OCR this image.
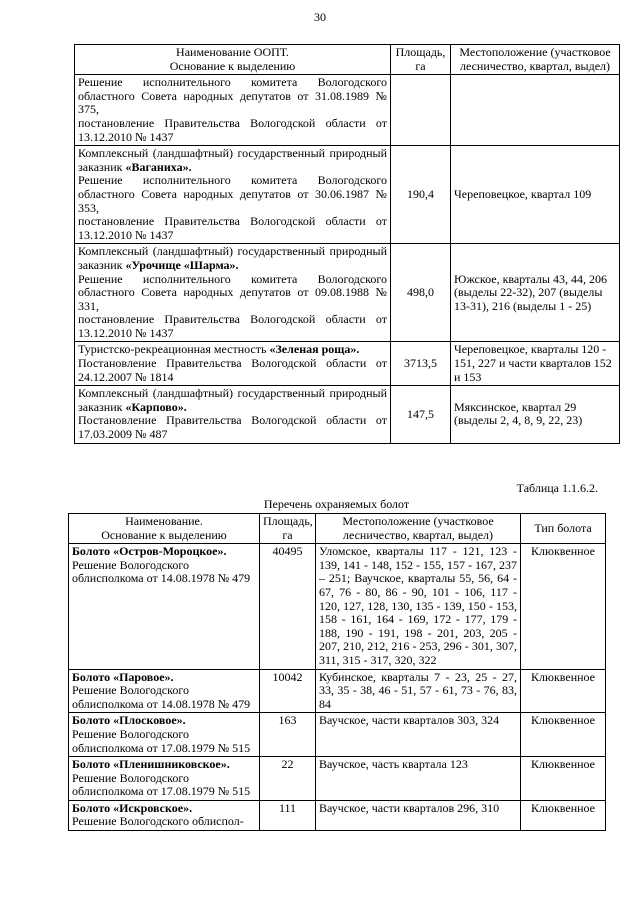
30
Наименование ООПТ.
Основание к выделению	Площадь,
га	Местоположение (участковое лесничество, квартал, выдел)

Решение исполнительного комитета Вологодского областного Совета народных депутатов от 31.08.1989 № 375,
постановление Правительства Вологодской области от 13.12.2010 № 1437		

Комплексный (ландшафтный) государственный природный заказник «Ваганиха».
Решение исполнительного комитета Вологодского областного Совета народных депутатов от 30.06.1987 № 353,
постановление Правительства Вологодской области от 13.12.2010 № 1437	190,4	Череповецкое, квартал 109
Комплексный (ландшафтный) государственный природный заказник «Урочище «Шарма».
Решение исполнительного комитета Вологодского областного Совета народных депутатов от 09.08.1988 № 331,
постановление Правительства Вологодской области от 13.12.2010 № 1437	498,0	Южское, кварталы 43, 44, 206 (выделы 22-32), 207 (выделы 13-31), 216 (выделы 1 - 25)
Туристско-рекреационная местность «Зеленая роща».
Постановление Правительства Вологодской области от 24.12.2007 № 1814	3713,5	Череповецкое, кварталы 120 - 151, 227 и части кварталов 152 и 153
Комплексный (ландшафтный) государственный природный заказник «Карпово».
Постановление Правительства Вологодской области от 17.03.2009 № 487	147,5	Мяксинское, квартал 29 (выделы 2, 4, 8, 9, 22, 23)
Таблица 1.1.6.2.
Перечень охраняемых болот
Наименование.
Основание к выделению	Площадь, га	Местоположение (участковое лесничество, квартал, выдел)	Тип болота

Болото «Остров-Мороцкое».
Решение Вологодского облисполкома от 14.08.1978 № 479	40495	Уломское, кварталы 117 - 121, 123 - 139, 141 - 148, 152 - 155, 157 - 167, 237 – 251; Ваучское, кварталы 55, 56, 64 - 67, 76 - 80, 86 - 90, 101 - 106, 117 - 120, 127, 128, 130, 135 - 139, 150 - 153, 158 - 161, 164 - 169, 172 - 177, 179 - 188, 190 - 191, 198 - 201, 203, 205 - 207, 210, 212, 216 - 253, 296 - 301, 307, 311, 315 - 317, 320, 322	Клюквенное

Болото «Паровое».
Решение Вологодского облисполкома от 14.08.1978 № 479	10042	Кубинское, кварталы 7 - 23, 25 - 27, 33, 35 - 38, 46 - 51, 57 - 61, 73 - 76, 83, 84	Клюквенное

Болото «Плосковое».
Решение Вологодского облисполкома от 17.08.1979 № 515	163	Ваучское, части кварталов 303, 324	Клюквенное

Болото «Пленишниковское».
Решение Вологодского облисполкома от 17.08.1979 № 515	22	Ваучское, часть квартала 123	Клюквенное

Болото «Искровское».
Решение Вологодского облиспол-	111	Ваучское, части кварталов 296, 310	Клюквенное
